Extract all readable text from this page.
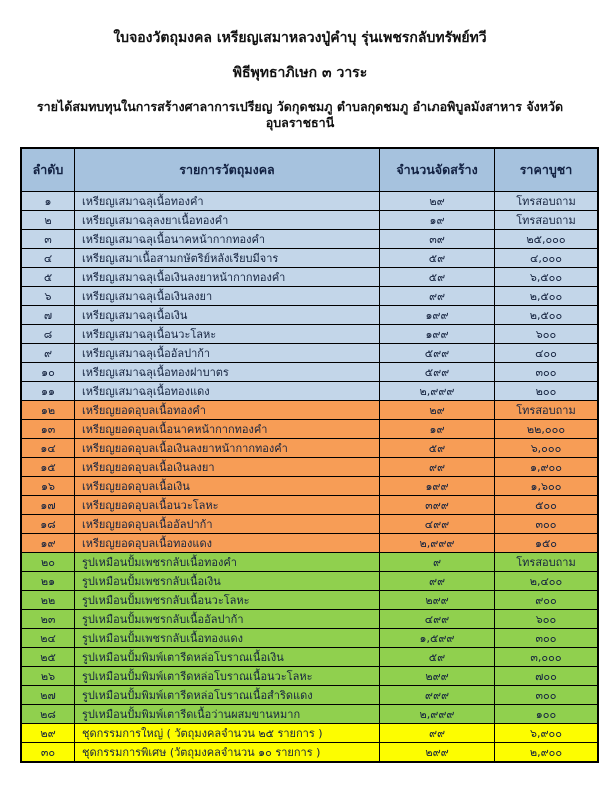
ใบจองวัตถุมงคล เหรียญเสมาหลวงปู่คำบุ รุ่นเพชรกลับทรัพย์ทวี
พิธีพุทธาภิเษก ๓ วาระ
รายได้สมทบทุนในการสร้างศาลาการเปรียญ วัดกุดชมภู ตำบลกุดชมภู อำเภอพิบูลมังสาหาร จังหวัดอุบลราชธานี
ลำดับ	รายการวัตถุมงคล	จำนวนจัดสร้าง	ราคาบูชา
๑	เหรียญเสมาฉลุเนื้อทองคำ	๒๙	โทรสอบถาม
๒	เหรียญเสมาฉลุลงยาเนื้อทองคำ	๑๙	โทรสอบถาม
๓	เหรียญเสมาฉลุเนื้อนาคหน้ากากทองคำ	๓๙	๒๕,๐๐๐
๔	เหรียญเสมาเนื้อสามกษัตริย์หลังเรียบมีจาร	๕๙	๔,๐๐๐
๕	เหรียญเสมาฉลุเนื้อเงินลงยาหน้ากากทองคำ	๕๙	๖,๕๐๐
๖	เหรียญเสมาฉลุเนื้อเงินลงยา	๙๙	๒,๕๐๐
๗	เหรียญเสมาฉลุเนื้อเงิน	๑๙๙	๒,๕๐๐
๘	เหรียญเสมาฉลุเนื้อนวะโลหะ	๑๙๙	๖๐๐
๙	เหรียญเสมาฉลุเนื้ออัลปาก้า	๕๙๙	๔๐๐
๑๐	เหรียญเสมาฉลุเนื้อทองฝาบาตร	๕๙๙	๓๐๐
๑๑	เหรียญเสมาฉลุเนื้อทองแดง	๒,๙๙๙	๒๐๐
๑๒	เหรียญยอดอุบลเนื้อทองคำ	๒๙	โทรสอบถาม
๑๓	เหรียญยอดอุบลเนื้อนาคหน้ากากทองคำ	๑๙	๒๒,๐๐๐
๑๔	เหรียญยอดอุบลเนื้อเงินลงยาหน้ากากทองคำ	๕๙	๖,๐๐๐
๑๕	เหรียญยอดอุบลเนื้อเงินลงยา	๙๙	๑,๙๐๐
๑๖	เหรียญยอดอุบลเนื้อเงิน	๑๙๙	๑,๖๐๐
๑๗	เหรียญยอดอุบลเนื้อนวะโลหะ	๓๙๙	๕๐๐
๑๘	เหรียญยอดอุบลเนื้ออัลปาก้า	๔๙๙	๓๐๐
๑๙	เหรียญยอดอุบลเนื้อทองแดง	๒,๙๙๙	๑๕๐
๒๐	รูปเหมือนปั้มเพชรกลับเนื้อทองคำ	๙	โทรสอบถาม
๒๑	รูปเหมือนปั้มเพชรกลับเนื้อเงิน	๙๙	๒,๔๐๐
๒๒	รูปเหมือนปั้มเพชรกลับเนื้อนวะโลหะ	๒๙๙	๙๐๐
๒๓	รูปเหมือนปั้มเพชรกลับเนื้ออัลปาก้า	๔๙๙	๖๐๐
๒๔	รูปเหมือนปั้มเพชรกลับเนื้อทองแดง	๑,๕๙๙	๓๐๐
๒๕	รูปเหมือนปั้มพิมพ์เตารีดหล่อโบราณเนื้อเงิน	๕๙	๓,๐๐๐
๒๖	รูปเหมือนปั้มพิมพ์เตารีดหล่อโบราณเนื้อนวะโลหะ	๒๙๙	๗๐๐
๒๗	รูปเหมือนปั้มพิมพ์เตารีดหล่อโบราณเนื้อสำริดแดง	๙๙๙	๓๐๐
๒๘	รูปเหมือนปั้มพิมพ์เตารีดเนื้อว่านผสมขานหมาก	๒,๙๙๙	๑๐๐
๒๙	ชุดกรรมการใหญ่ ( วัตถุมงคลจำนวน ๒๕ รายการ )	๙๙	๖,๙๐๐
๓๐	ชุดกรรมการพิเศษ (วัตถุมงคลจำนวน ๑๐ รายการ )	๒๙๙	๒,๙๐๐
